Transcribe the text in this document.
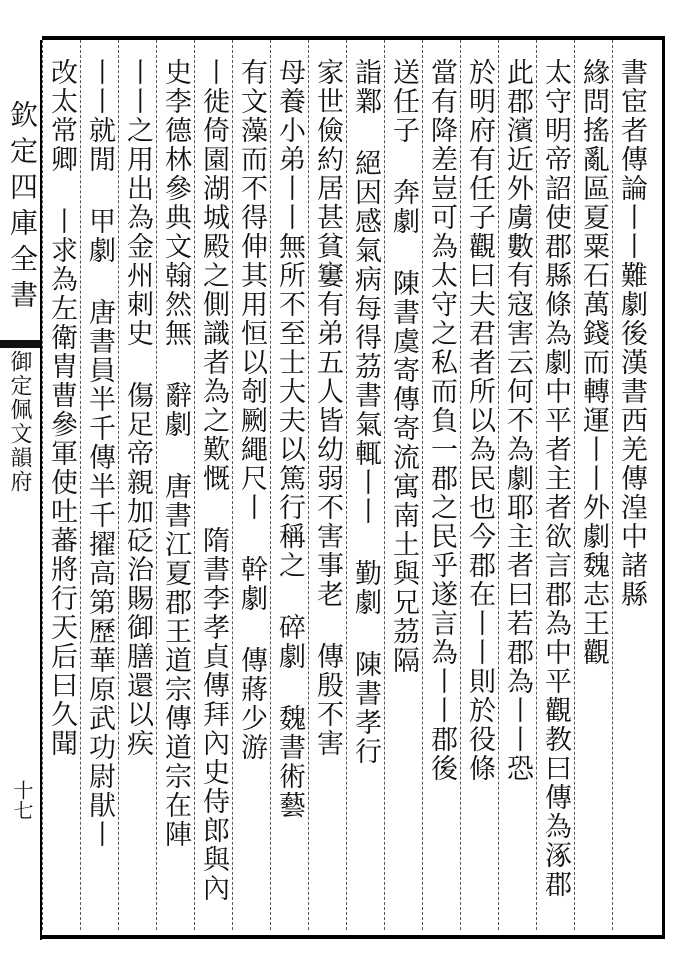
欽定四庫全書
御定佩文韻府
十七
書宦者傳論丨丨難劇後漢書西羌傳湟中諸縣
緣問搖亂區夏粟石萬錢而轉運丨丨外劇魏志王觀
太守明帝詔使郡縣條為劇中平者主者欲言郡為中平觀教曰傳為涿郡
此郡濱近外虜數有寇害云何不為劇耶主者曰若郡為丨丨恐
於明府有任子觀曰夫君者所以為民也今郡在丨丨則於役條
當有降差豈可為太守之私而負一郡之民乎遂言為丨丨郡後
送任子 奔劇 陳書虞寄傳寄流寓南土與兄茘隔
詣鄴 絕因感氣病每得茘書氣輒丨丨 勤劇 陳書孝行
家世儉約居甚貧窶有弟五人皆幼弱不害事老 傳殷不害
母養小弟丨丨無所不至士大夫以篤行稱之 碎劇 魏書術藝
有文藻而不得伸其用恒以剞劂繩尺丨 幹劇 傳蔣少游
丨徙倚園湖城殿之側識者為之歎慨 隋書李孝貞傳拜內史侍郎與內
史李德林參典文翰然無 辭劇 唐書江夏郡王道宗傳道宗在陣
丨丨之用出為金州刺史 傷足帝親加砭治賜御膳還以疾
丨丨就閒 甲劇 唐書員半千傳半千擢高第歷華原武功尉猒丨
改太常卿 丨求為左衛胄曹參軍使吐蕃將行天后曰久聞
